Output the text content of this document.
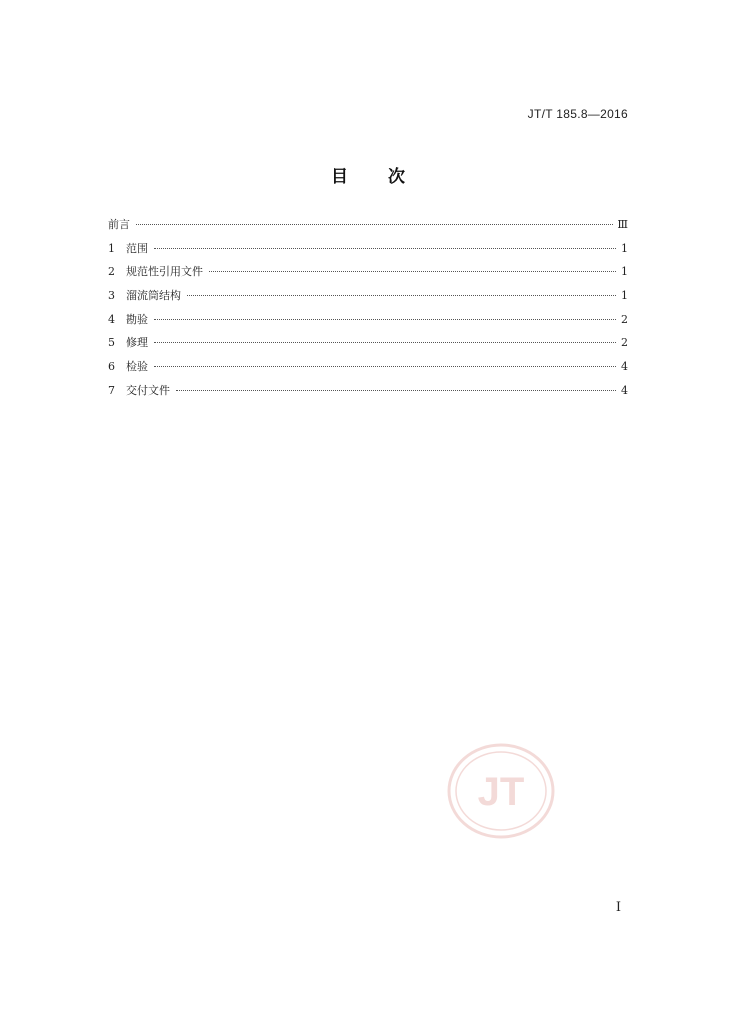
JT/T 185.8—2016
目 次
前言	Ⅲ
1	范围	1
2	规范性引用文件	1
3	溜流筒结构	1
4	勘验	2
5	修理	2
6	检验	4
7	交付文件	4
JT
I
